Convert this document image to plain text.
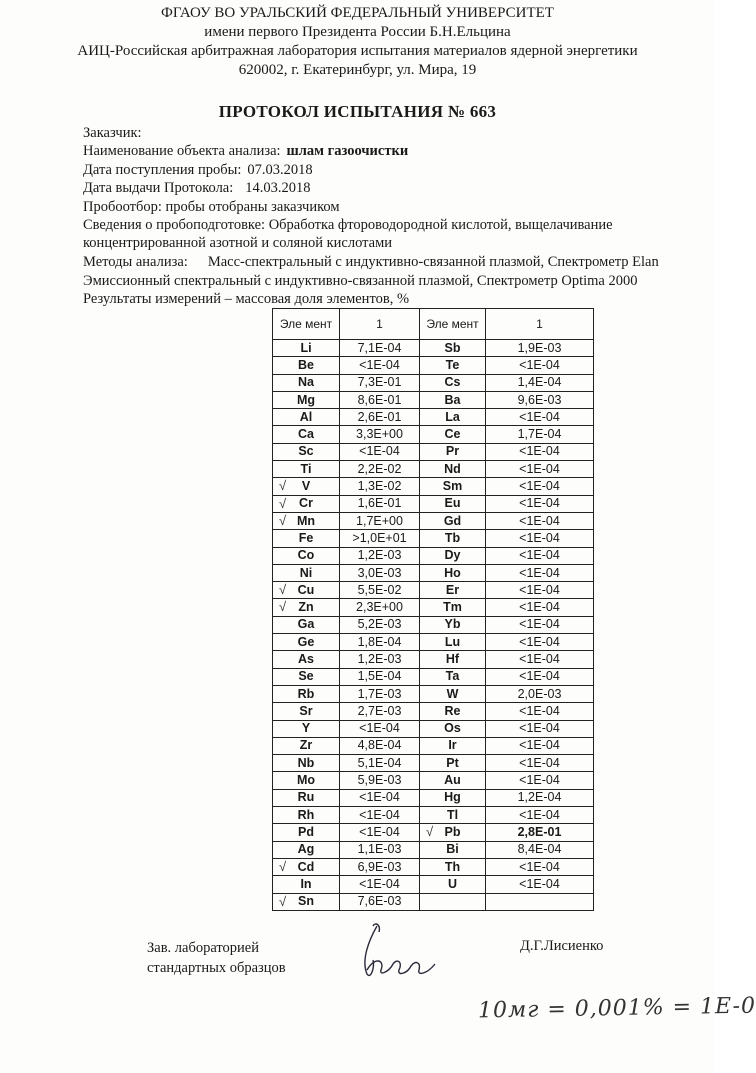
ФГАОУ ВО УРАЛЬСКИЙ ФЕДЕРАЛЬНЫЙ УНИВЕРСИТЕТ
имени первого Президента России Б.Н.Ельцина
АИЦ-Российская арбитражная лаборатория испытания материалов ядерной энергетики
620002, г. Екатеринбург, ул. Мира, 19
ПРОТОКОЛ ИСПЫТАНИЯ № 663
Заказчик:
Наименование объекта анализа: шлам газоочистки
Дата поступления пробы: 07.03.2018
Дата выдачи Протокола: 14.03.2018
Пробоотбор: пробы отобраны заказчиком
Сведения о пробоподготовке: Обработка фтороводородной кислотой, выщелачивание
концентрированной азотной и соляной кислотами
Методы анализа: Масс-спектральный с индуктивно-связанной плазмой, Спектрометр Elan
Эмиссионный спектральный с индуктивно-связанной плазмой, Спектрометр Optima 2000
Результаты измерений – массовая доля элементов, %
Эле мент	1	Эле мент	1
Li	7,1E-04	Sb	1,9E-03
Be	<1E-04	Te	<1E-04
Na	7,3E-01	Cs	1,4E-04
Mg	8,6E-01	Ba	9,6E-03
Al	2,6E-01	La	<1E-04
Ca	3,3E+00	Ce	1,7E-04
Sc	<1E-04	Pr	<1E-04
Ti	2,2E-02	Nd	<1E-04

√ V	1,3E-02	Sm	<1E-04

√ Cr	1,6E-01	Eu	<1E-04

√ Mn	1,7E+00	Gd	<1E-04
Fe	>1,0E+01	Tb	<1E-04
Co	1,2E-03	Dy	<1E-04
Ni	3,0E-03	Ho	<1E-04

√ Cu	5,5E-02	Er	<1E-04

√ Zn	2,3E+00	Tm	<1E-04
Ga	5,2E-03	Yb	<1E-04
Ge	1,8E-04	Lu	<1E-04
As	1,2E-03	Hf	<1E-04
Se	1,5E-04	Ta	<1E-04
Rb	1,7E-03	W	2,0E-03
Sr	2,7E-03	Re	<1E-04
Y	<1E-04	Os	<1E-04
Zr	4,8E-04	Ir	<1E-04
Nb	5,1E-04	Pt	<1E-04
Mo	5,9E-03	Au	<1E-04
Ru	<1E-04	Hg	1,2E-04
Rh	<1E-04	Tl	<1E-04
Pd	<1E-04	√ Pb	2,8E-01
Ag	1,1E-03	Bi	8,4E-04

√ Cd	6,9E-03	Th	<1E-04
In	<1E-04	U	<1E-04

√ Sn	7,6E-03		
Зав. лабораторией
стандартных образцов
Д.Г.Лисиенко
10мг = 0,001% = 1E-0
